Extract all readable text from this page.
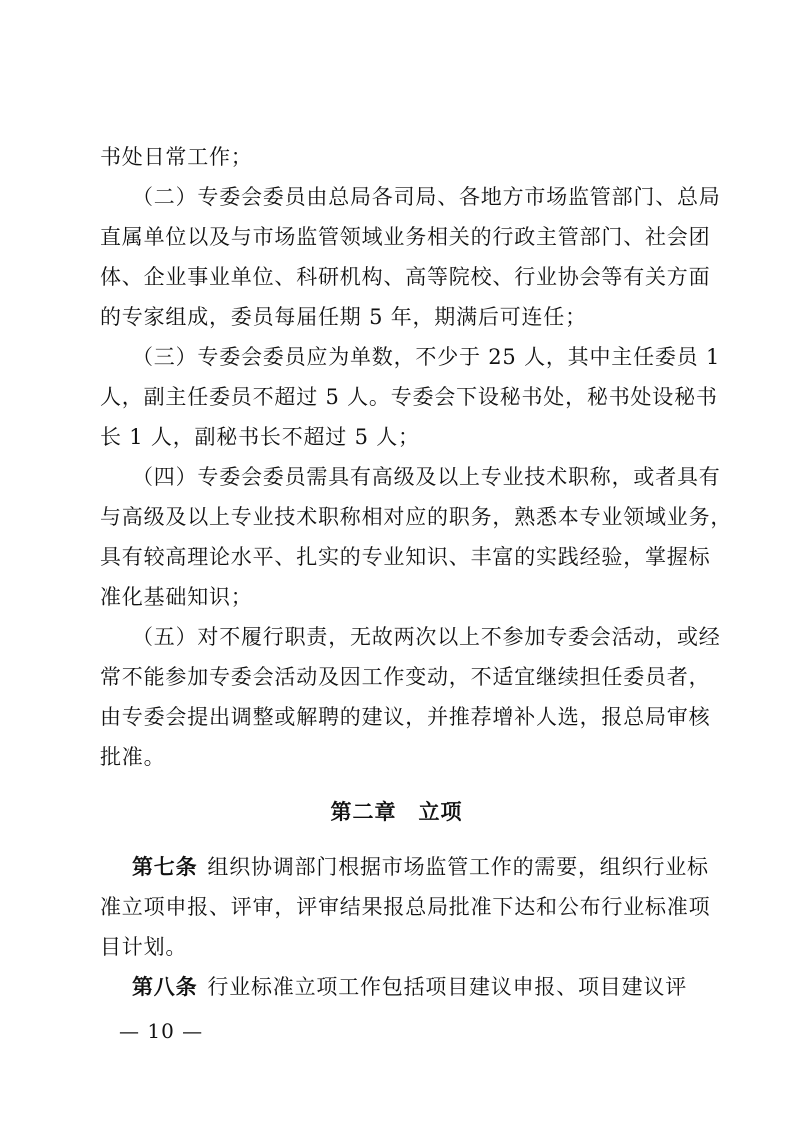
书处日常工作；
（二）专委会委员由总局各司局、各地方市场监管部门、总局
直属单位以及与市场监管领域业务相关的行政主管部门、社会团
体、企业事业单位、科研机构、高等院校、行业协会等有关方面
的专家组成，委员每届任期 5 年，期满后可连任；
（三）专委会委员应为单数，不少于 25 人，其中主任委员 1
人，副主任委员不超过 5 人。专委会下设秘书处，秘书处设秘书
长 1 人，副秘书长不超过 5 人；
（四）专委会委员需具有高级及以上专业技术职称，或者具有
与高级及以上专业技术职称相对应的职务，熟悉本专业领域业务，
具有较高理论水平、扎实的专业知识、丰富的实践经验，掌握标
准化基础知识；
（五）对不履行职责，无故两次以上不参加专委会活动，或经
常不能参加专委会活动及因工作变动，不适宜继续担任委员者，
由专委会提出调整或解聘的建议，并推荐增补人选，报总局审核
批准。
第二章　立项
第七条 组织协调部门根据市场监管工作的需要，组织行业标
准立项申报、评审，评审结果报总局批准下达和公布行业标准项
目计划。
第八条 行业标准立项工作包括项目建议申报、项目建议评
— 10 —
